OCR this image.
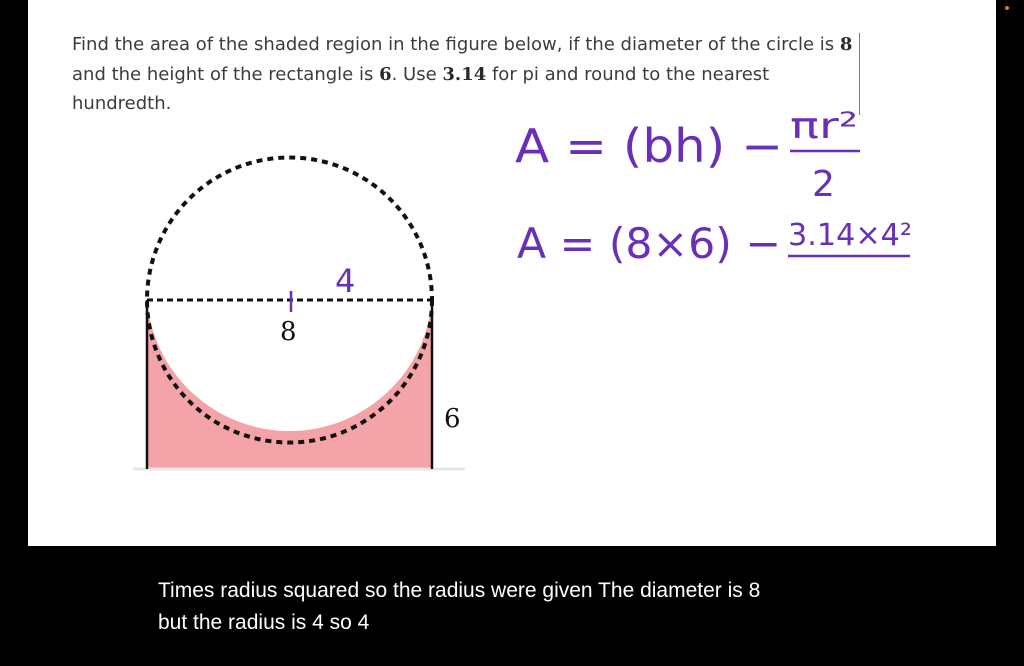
Find the area of the shaded region in the figure below, if the diameter of the circle is 8 and the height of the rectangle is 6. Use 3.14 for pi and round to the nearest hundredth.
8
6
4
A = (bh) − πr²
2
A = (8×6) − 3.14×4²
Times radius squared so the radius were given The diameter is 8
but the radius is 4 so 4
